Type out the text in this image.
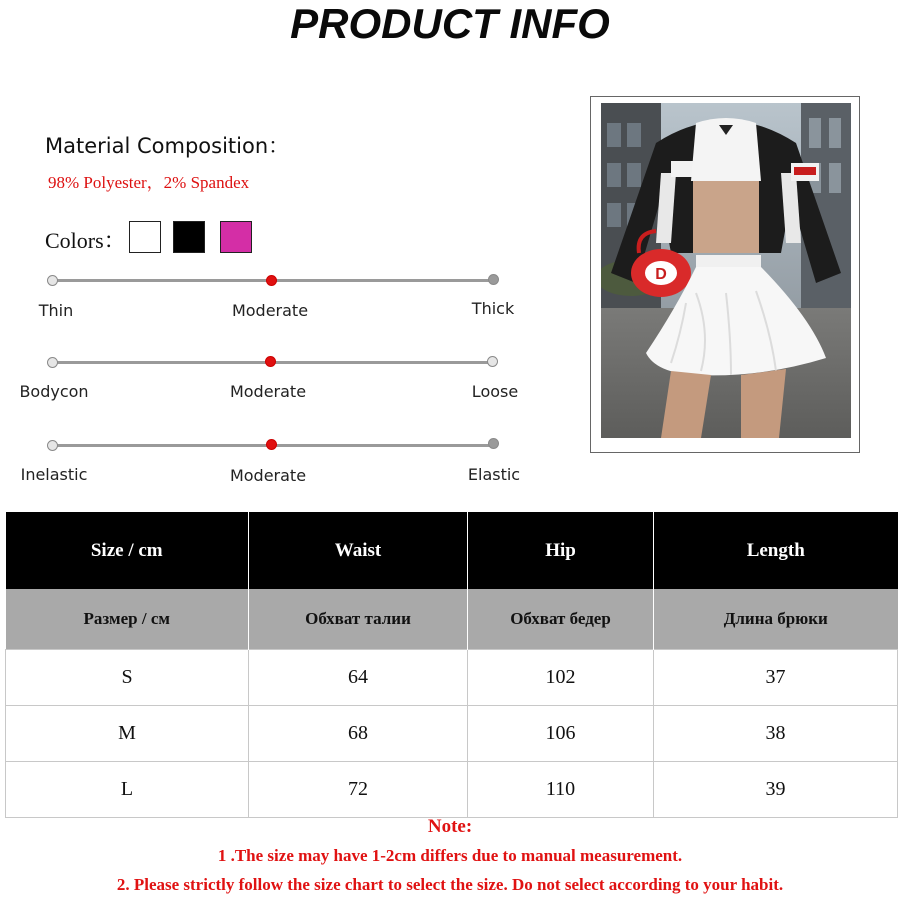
PRODUCT INFO
Material Composition：
98% Polyester，2% Spandex
Colors：
Thin	Moderate	Thick
Bodycon	Moderate	Loose
Inelastic	Moderate	Elastic
D
Size / cm	Waist	Hip	Length
Размер / см	Обхват талии	Обхват бедер	Длина брюки
S	64	102	37
M	68	106	38
L	72	110	39
Note:
1 .The size may have 1-2cm differs due to manual measurement.
2. Please strictly follow the size chart to select the size. Do not select according to your habit.
